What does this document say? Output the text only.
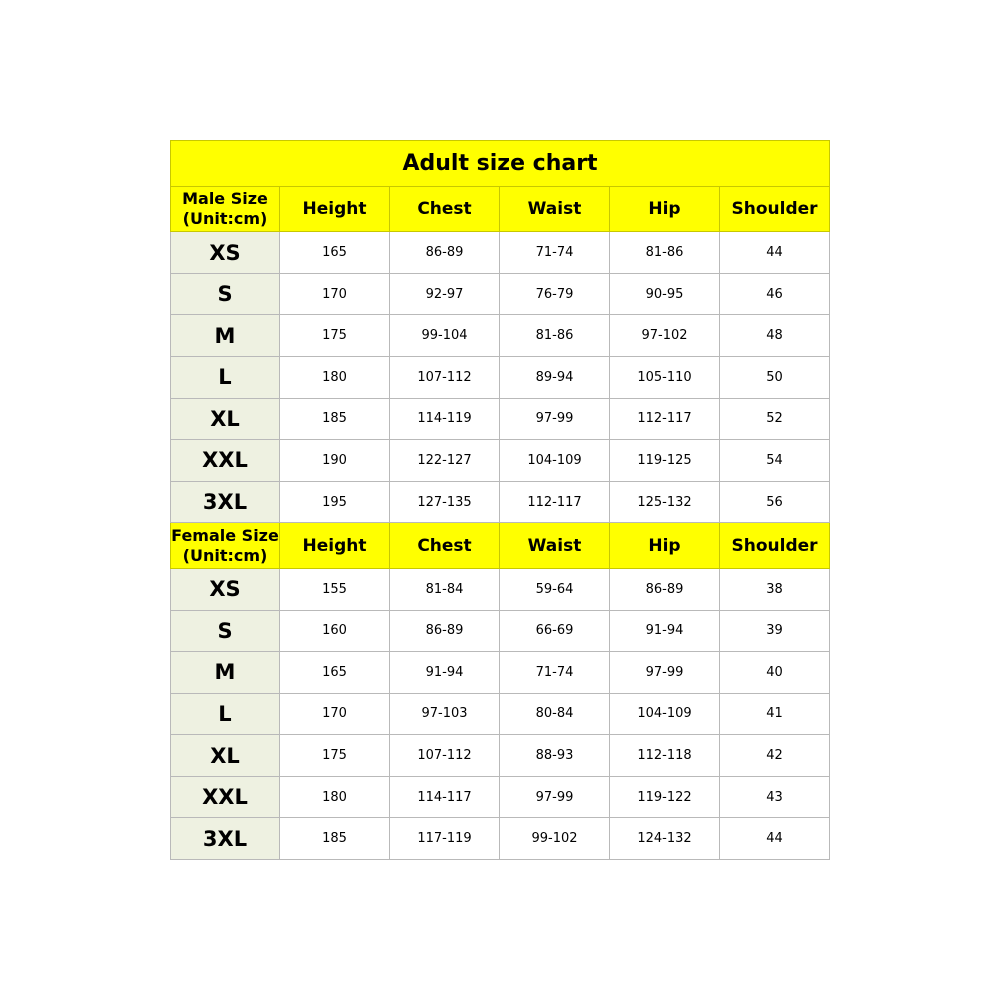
Adult size chart					

Male Size
(Unit:cm)	Height	Chest	Waist	Hip	Shoulder
XS	165	86-89	71-74	81-86	44
S	170	92-97	76-79	90-95	46
M	175	99-104	81-86	97-102	48
L	180	107-112	89-94	105-110	50
XL	185	114-119	97-99	112-117	52
XXL	190	122-127	104-109	119-125	54
3XL	195	127-135	112-117	125-132	56

Female Size
(Unit:cm)	Height	Chest	Waist	Hip	Shoulder
XS	155	81-84	59-64	86-89	38
S	160	86-89	66-69	91-94	39
M	165	91-94	71-74	97-99	40
L	170	97-103	80-84	104-109	41
XL	175	107-112	88-93	112-118	42
XXL	180	114-117	97-99	119-122	43
3XL	185	117-119	99-102	124-132	44
